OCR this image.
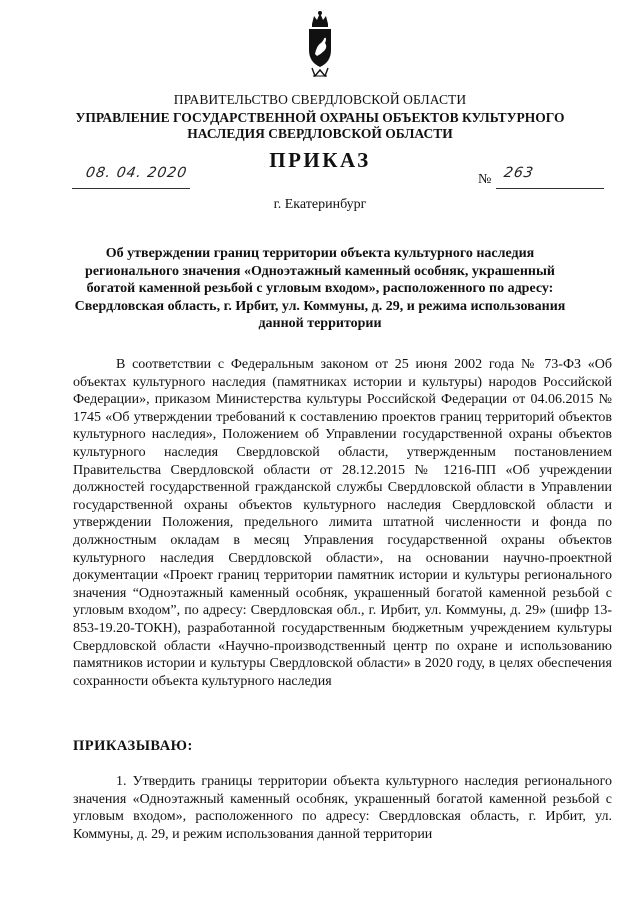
ПРАВИТЕЛЬСТВО СВЕРДЛОВСКОЙ ОБЛАСТИ
УПРАВЛЕНИЕ ГОСУДАРСТВЕННОЙ ОХРАНЫ ОБЪЕКТОВ КУЛЬТУРНОГО НАСЛЕДИЯ СВЕРДЛОВСКОЙ ОБЛАСТИ
ПРИКАЗ
08. 04. 2020	№ 263
г. Екатеринбург
Об утверждении границ территории объекта культурного наследия регионального значения «Одноэтажный каменный особняк, украшенный богатой каменной резьбой с угловым входом», расположенного по адресу: Свердловская область, г. Ирбит, ул. Коммуны, д. 29, и режима использования данной территории
В соответствии с Федеральным законом от 25 июня 2002 года № 73-ФЗ «Об объектах культурного наследия (памятниках истории и культуры) народов Российской Федерации», приказом Министерства культуры Российской Федерации от 04.06.2015 № 1745 «Об утверждении требований к составлению проектов границ территорий объектов культурного наследия», Положением об Управлении государственной охраны объектов культурного наследия Свердловской области, утвержденным постановлением Правительства Свердловской области от 28.12.2015 № 1216-ПП «Об учреждении должностей государственной гражданской службы Свердловской области в Управлении государственной охраны объектов культурного наследия Свердловской области и утверждении Положения, предельного лимита штатной численности и фонда по должностным окладам в месяц Управления государственной охраны объектов культурного наследия Свердловской области», на основании научно-проектной документации «Проект границ территории памятник истории и культуры регионального значения “Одноэтажный каменный особняк, украшенный богатой каменной резьбой с угловым входом”, по адресу: Свердловская обл., г. Ирбит, ул. Коммуны, д. 29» (шифр 13-853-19.20-ТОКН), разработанной государственным бюджетным учреждением культуры Свердловской области «Научно-производственный центр по охране и использованию памятников истории и культуры Свердловской области» в 2020 году, в целях обеспечения сохранности объекта культурного наследия
ПРИКАЗЫВАЮ:
1. Утвердить границы территории объекта культурного наследия регионального значения «Одноэтажный каменный особняк, украшенный богатой каменной резьбой с угловым входом», расположенного по адресу: Свердловская область, г. Ирбит, ул. Коммуны, д. 29, и режим использования данной территории
